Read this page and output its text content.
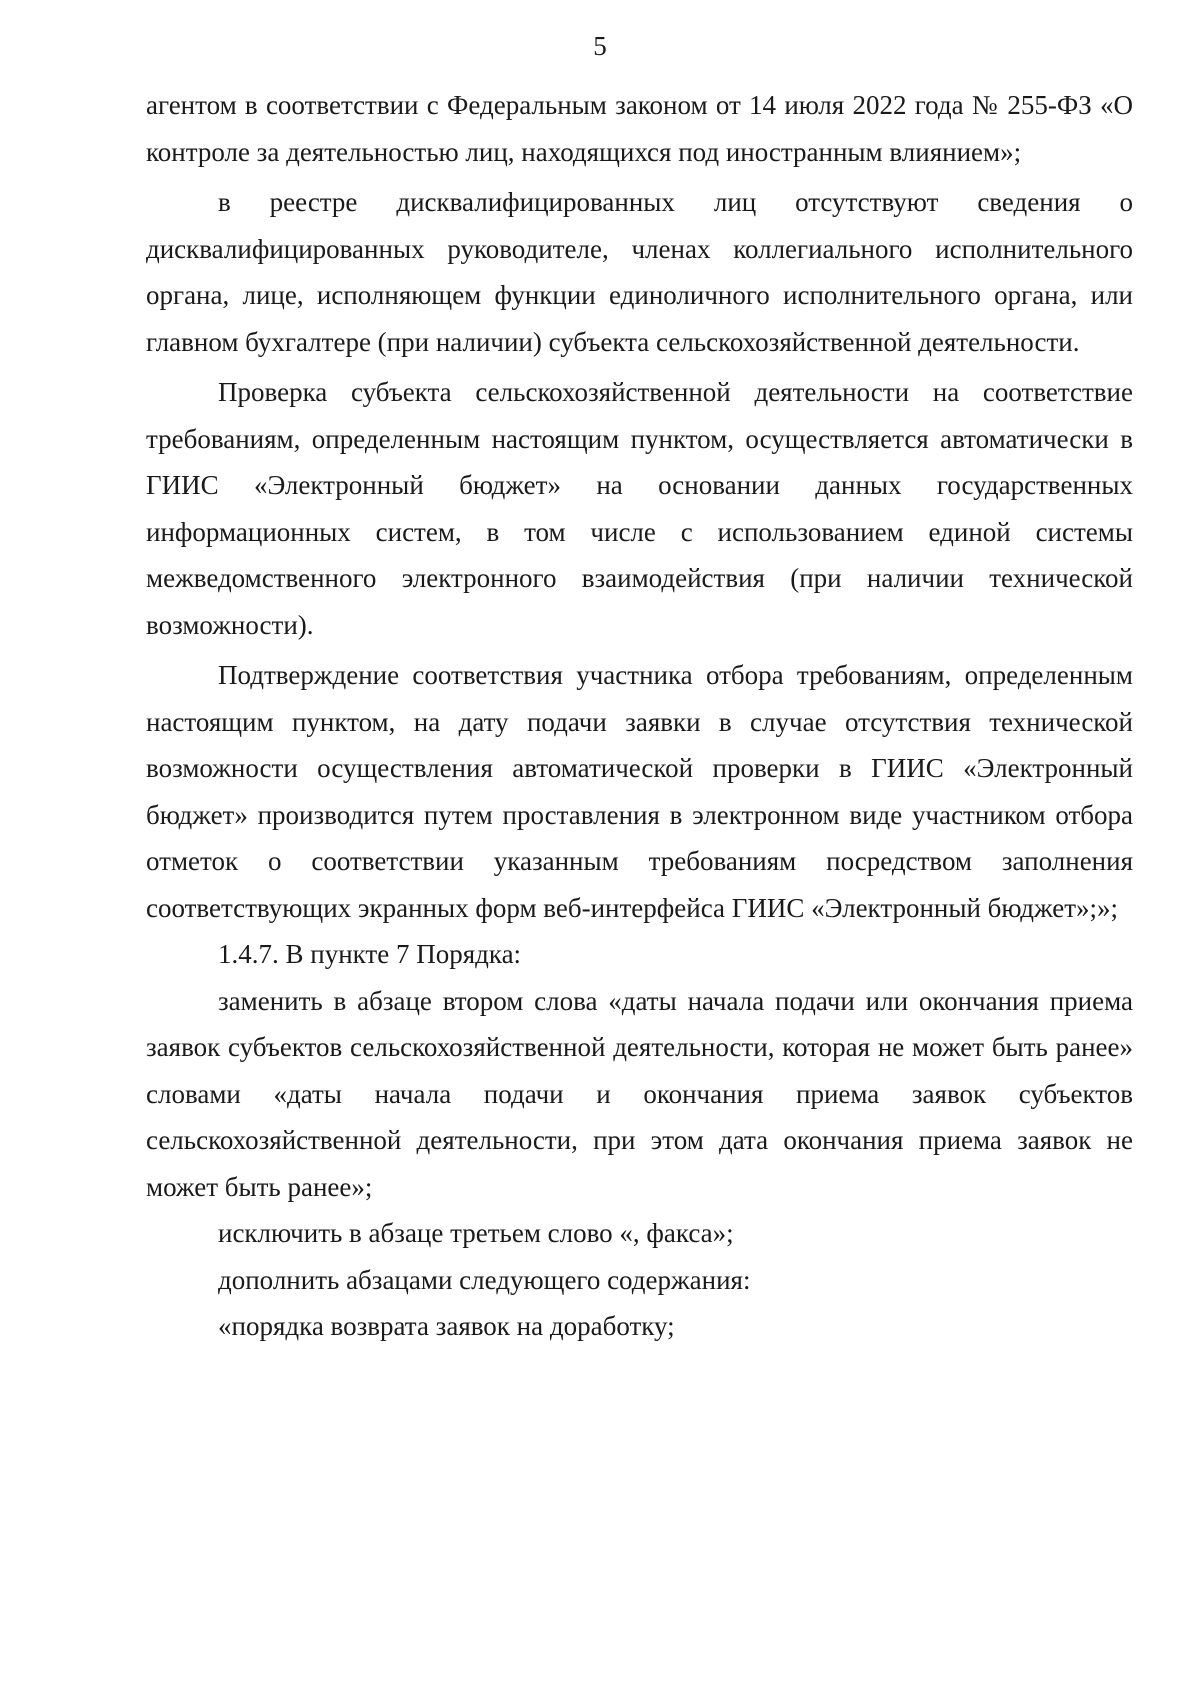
5

агентом в соответствии с Федеральным законом от 14 июля 2022 года № 255-ФЗ «О контроле за деятельностью лиц, находящихся под иностранным влиянием»;

в реестре дисквалифицированных лиц отсутствуют сведения о дисквалифицированных руководителе, членах коллегиального исполнительного органа, лице, исполняющем функции единоличного исполнительного органа, или главном бухгалтере (при наличии) субъекта сельскохозяйственной деятельности.

Проверка субъекта сельскохозяйственной деятельности на соответствие требованиям, определенным настоящим пунктом, осуществляется автоматически в ГИИС «Электронный бюджет» на основании данных государственных информационных систем, в том числе с использованием единой системы межведомственного электронного взаимодействия (при наличии технической возможности).

Подтверждение соответствия участника отбора требованиям, определенным настоящим пунктом, на дату подачи заявки в случае отсутствия технической возможности осуществления автоматической проверки в ГИИС «Электронный бюджет» производится путем проставления в электронном виде участником отбора отметок о соответствии указанным требованиям посредством заполнения соответствующих экранных форм веб-интерфейса ГИИС «Электронный бюджет»;»;

1.4.7. В пункте 7 Порядка:

заменить в абзаце втором слова «даты начала подачи или окончания приема заявок субъектов сельскохозяйственной деятельности, которая не может быть ранее» словами «даты начала подачи и окончания приема заявок субъектов сельскохозяйственной деятельности, при этом дата окончания приема заявок не может быть ранее»;

исключить в абзаце третьем слово «, факса»;

дополнить абзацами следующего содержания:

«порядка возврата заявок на доработку;
